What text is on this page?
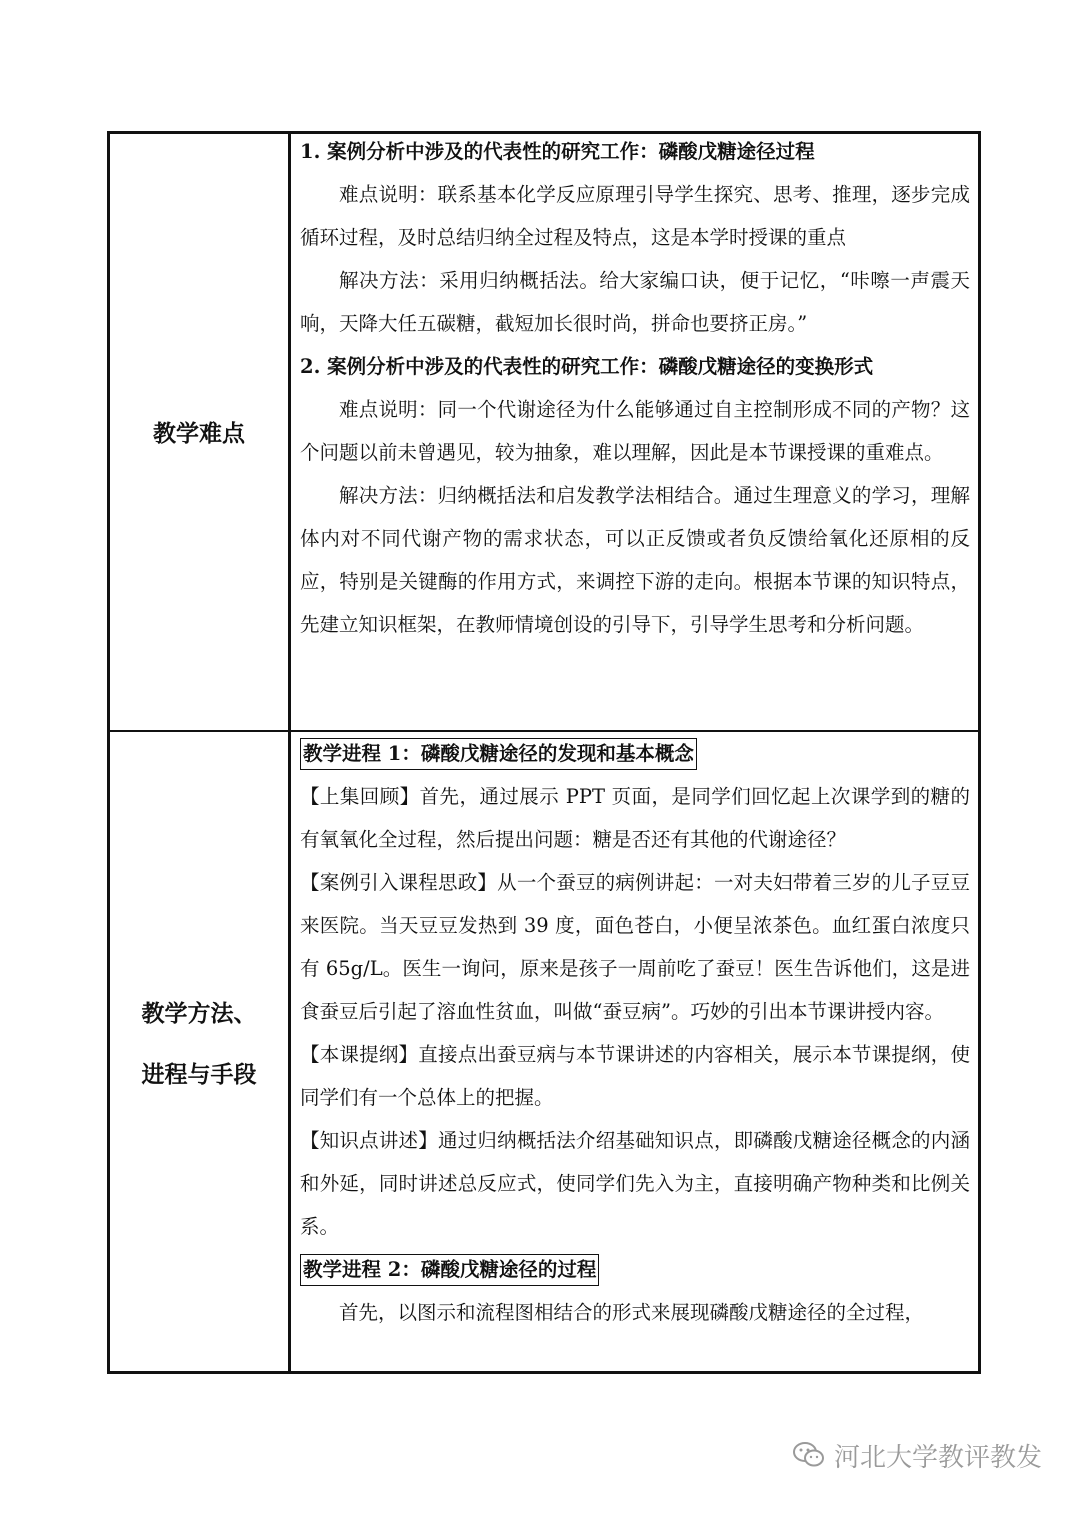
教学难点

1. 案例分析中涉及的代表性的研究工作：磷酸戊糖途径过程

难点说明：联系基本化学反应原理引导学生探究、思考、推理，逐步完成循环过程，及时总结归纳全过程及特点，这是本学时授课的重点

解决方法：采用归纳概括法。给大家编口诀，便于记忆，“咔嚓一声震天响，天降大任五碳糖，截短加长很时尚，拼命也要挤正房。”

2. 案例分析中涉及的代表性的研究工作：磷酸戊糖途径的变换形式

难点说明：同一个代谢途径为什么能够通过自主控制形成不同的产物？这个问题以前未曾遇见，较为抽象，难以理解，因此是本节课授课的重难点。

解决方法：归纳概括法和启发教学法相结合。通过生理意义的学习，理解体内对不同代谢产物的需求状态，可以正反馈或者负反馈给氧化还原相的反应，特别是关键酶的作用方式，来调控下游的走向。根据本节课的知识特点，先建立知识框架，在教师情境创设的引导下，引导学生思考和分析问题。

教学方法、
进程与手段

教学进程 1：磷酸戊糖途径的发现和基本概念

【上集回顾】首先，通过展示 PPT 页面，是同学们回忆起上次课学到的糖的有氧氧化全过程，然后提出问题：糖是否还有其他的代谢途径？

【案例引入课程思政】从一个蚕豆的病例讲起：一对夫妇带着三岁的儿子豆豆来医院。当天豆豆发热到 39 度，面色苍白，小便呈浓茶色。血红蛋白浓度只有 65g/L。医生一询问，原来是孩子一周前吃了蚕豆！医生告诉他们，这是进食蚕豆后引起了溶血性贫血，叫做“蚕豆病”。巧妙的引出本节课讲授内容。

【本课提纲】直接点出蚕豆病与本节课讲述的内容相关，展示本节课提纲，使同学们有一个总体上的把握。

【知识点讲述】通过归纳概括法介绍基础知识点，即磷酸戊糖途径概念的内涵和外延，同时讲述总反应式，使同学们先入为主，直接明确产物种类和比例关系。

教学进程 2：磷酸戊糖途径的过程

首先，以图示和流程图相结合的形式来展现磷酸戊糖途径的全过程，

河北大学教评教发
